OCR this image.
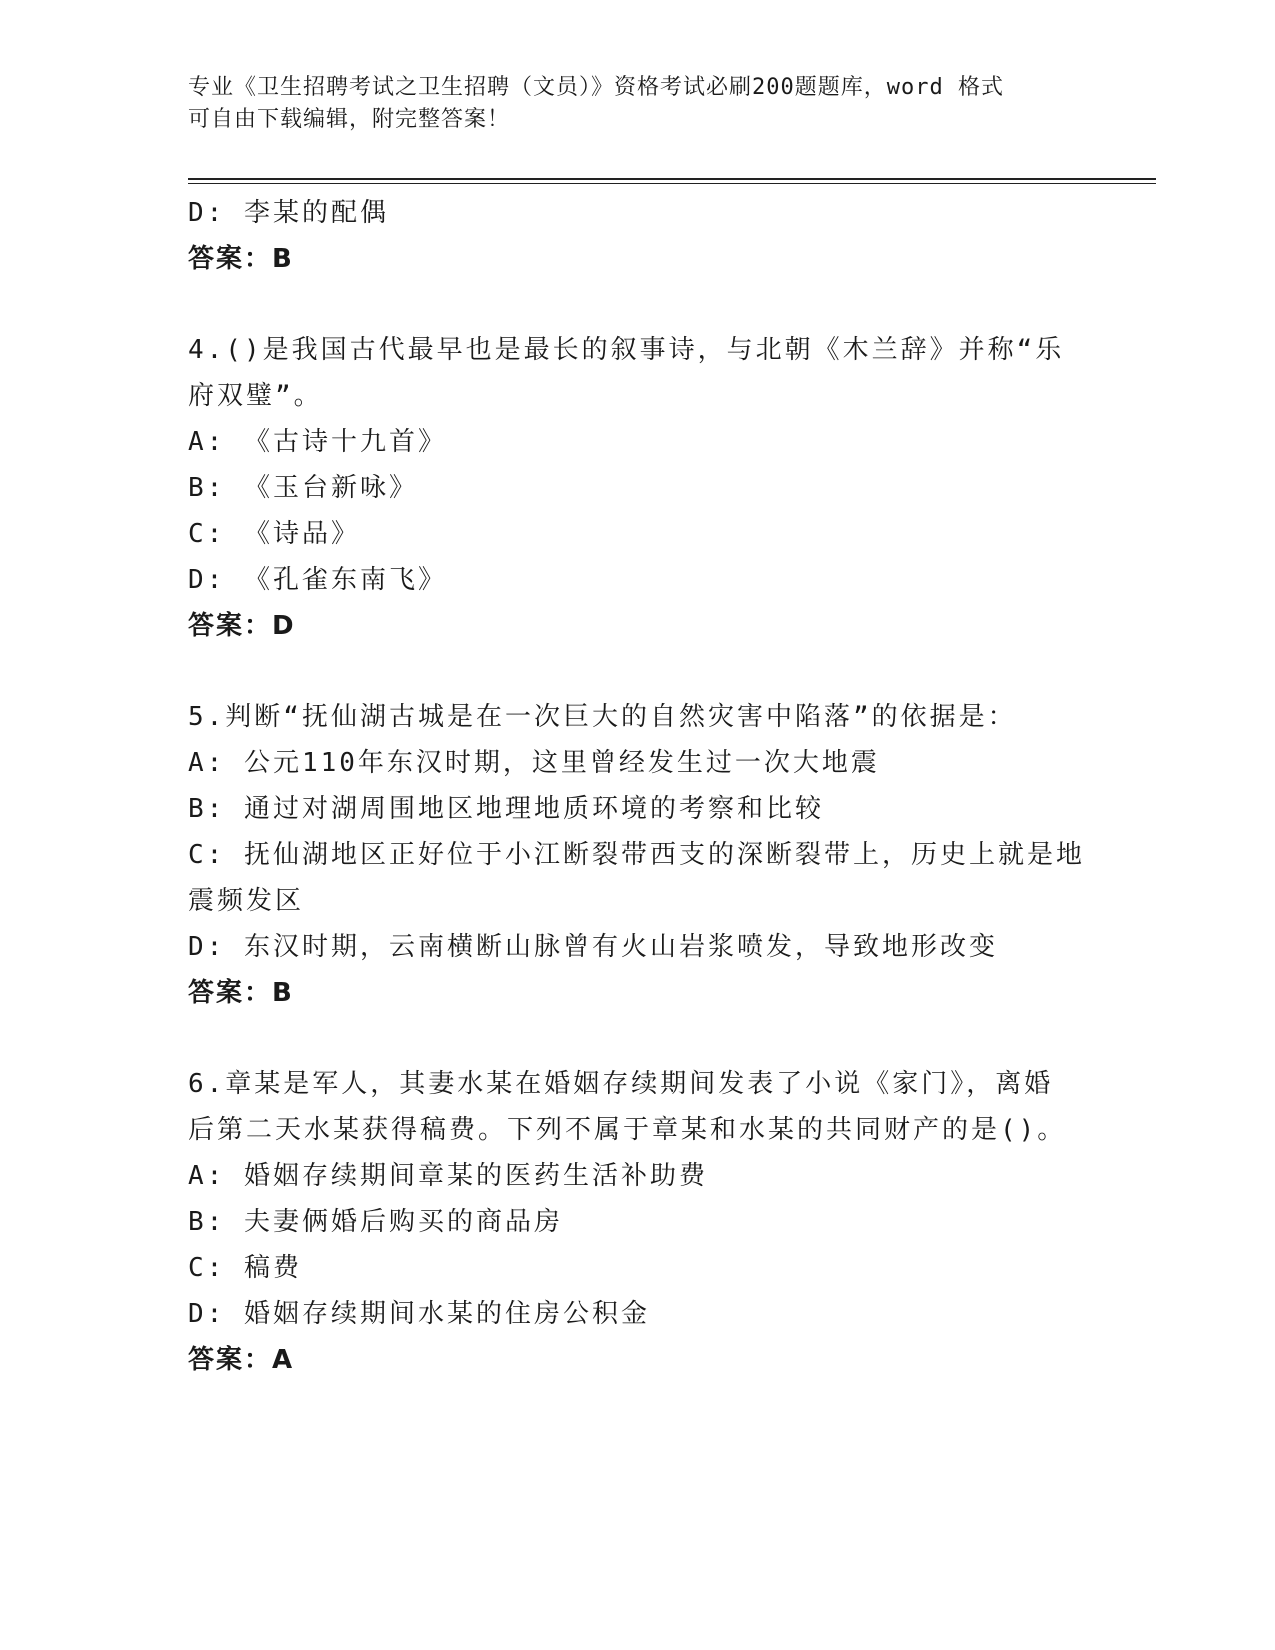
专业《卫生招聘考试之卫生招聘（文员）》资格考试必刷200题题库，word 格式
可自由下载编辑，附完整答案！
D: 李某的配偶
答案：B
4.()是我国古代最早也是最长的叙事诗，与北朝《木兰辞》并称“乐
府双璧”。
A: 《古诗十九首》
B: 《玉台新咏》
C: 《诗品》
D: 《孔雀东南飞》
答案：D
5.判断“抚仙湖古城是在一次巨大的自然灾害中陷落”的依据是：
A: 公元110年东汉时期，这里曾经发生过一次大地震
B: 通过对湖周围地区地理地质环境的考察和比较
C: 抚仙湖地区正好位于小江断裂带西支的深断裂带上，历史上就是地
震频发区
D: 东汉时期，云南横断山脉曾有火山岩浆喷发，导致地形改变
答案：B
6.章某是军人，其妻水某在婚姻存续期间发表了小说《家门》，离婚
后第二天水某获得稿费。下列不属于章某和水某的共同财产的是()。
A: 婚姻存续期间章某的医药生活补助费
B: 夫妻俩婚后购买的商品房
C: 稿费
D: 婚姻存续期间水某的住房公积金
答案：A
